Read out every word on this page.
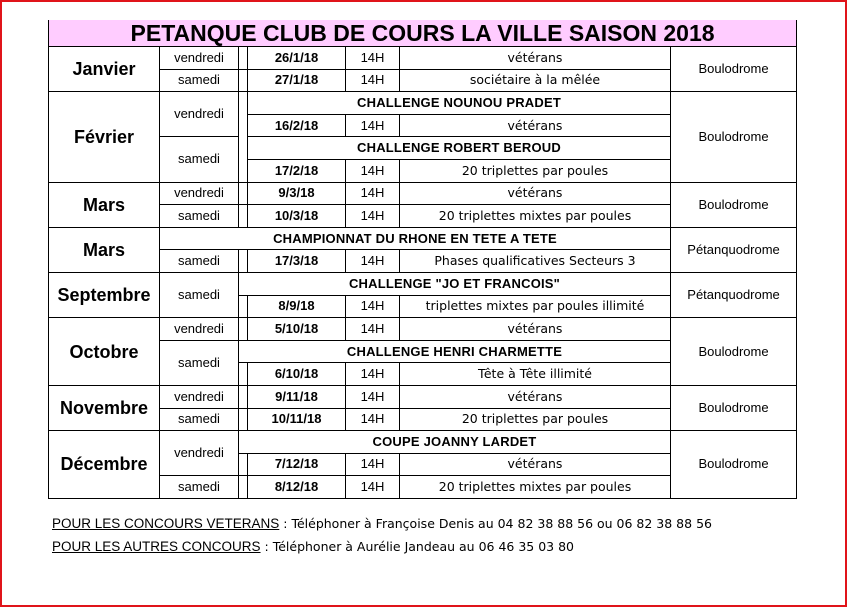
PETANQUE CLUB DE COURS LA VILLE SAISON 2018						
Janvier	vendredi		26/1/18	14H	vétérans	Boulodrome
	samedi		27/1/18	14H	sociétaire à la mêlée	
Février	vendredi		CHALLENGE NOUNOU PRADET			Boulodrome
			16/2/18	14H	vétérans	
	samedi		CHALLENGE ROBERT BEROUD			
			17/2/18	14H	20 triplettes par poules	
Mars	vendredi		9/3/18	14H	vétérans	Boulodrome
	samedi		10/3/18	14H	20 triplettes mixtes par poules	
Mars	CHAMPIONNAT DU RHONE EN TETE A TETE					Pétanquodrome
	samedi		17/3/18	14H	Phases qualificatives Secteurs 3	
Septembre	samedi	CHALLENGE "JO ET FRANCOIS"				Pétanquodrome
			8/9/18	14H	triplettes mixtes par poules illimité	
Octobre	vendredi		5/10/18	14H	vétérans	Boulodrome
	samedi	CHALLENGE HENRI CHARMETTE				
			6/10/18	14H	Tête à Tête illimité	
Novembre	vendredi		9/11/18	14H	vétérans	Boulodrome
	samedi		10/11/18	14H	20 triplettes par poules	
Décembre	vendredi	COUPE JOANNY LARDET				Boulodrome
			7/12/18	14H	vétérans	
	samedi		8/12/18	14H	20 triplettes mixtes par poules	
POUR LES CONCOURS VETERANS : Téléphoner à Françoise Denis au 04 82 38 88 56 ou 06 82 38 88 56
POUR LES AUTRES CONCOURS : Téléphoner à Aurélie Jandeau au 06 46 35 03 80
